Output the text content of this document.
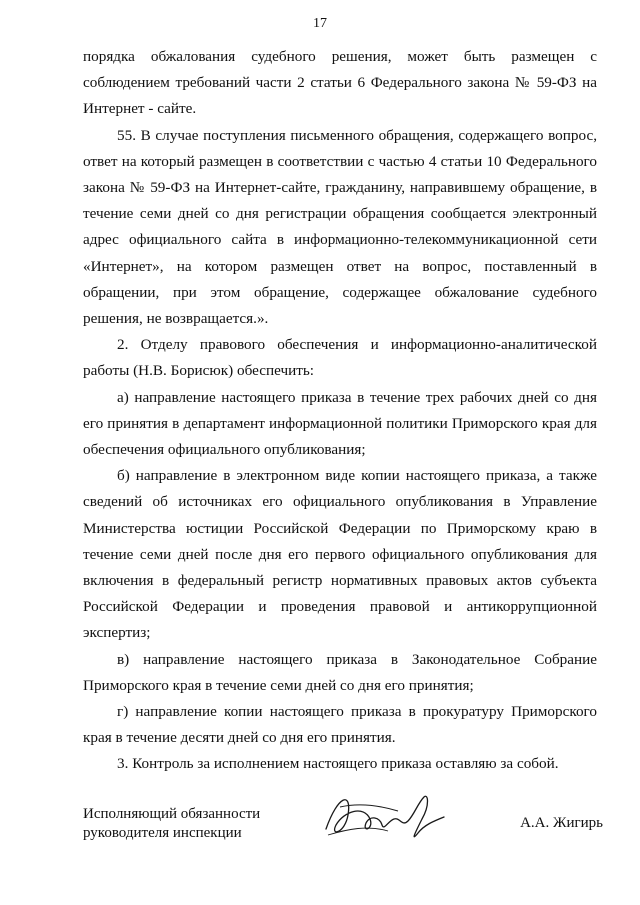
17

порядка обжалования судебного решения, может быть размещен с соблюдением требований части 2 статьи 6 Федерального закона № 59-ФЗ на Интернет - сайте.

55. В случае поступления письменного обращения, содержащего вопрос, ответ на который размещен в соответствии с частью 4 статьи 10 Федерального закона № 59-ФЗ на Интернет-сайте, гражданину, направившему обращение, в течение семи дней со дня регистрации обращения сообщается электронный адрес официального сайта в информационно-телекоммуникационной сети «Интернет», на котором размещен ответ на вопрос, поставленный в обращении, при этом обращение, содержащее обжалование судебного решения, не возвращается.».

2. Отделу правового обеспечения и информационно-аналитической работы (Н.В. Борисюк) обеспечить:

а) направление настоящего приказа в течение трех рабочих дней со дня его принятия в департамент информационной политики Приморского края для обеспечения официального опубликования;

б) направление в электронном виде копии настоящего приказа, а также сведений об источниках его официального опубликования в Управление Министерства юстиции Российской Федерации по Приморскому краю в течение семи дней после дня его первого официального опубликования для включения в федеральный регистр нормативных правовых актов субъекта Российской Федерации и проведения правовой и антикоррупционной экспертиз;

в) направление настоящего приказа в Законодательное Собрание Приморского края в течение семи дней со дня его принятия;

г) направление копии настоящего приказа в прокуратуру Приморского края в течение десяти дней со дня его принятия.

3. Контроль за исполнением настоящего приказа оставляю за собой.

Исполняющий обязанности
руководителя инспекции
А.А. Жигирь
